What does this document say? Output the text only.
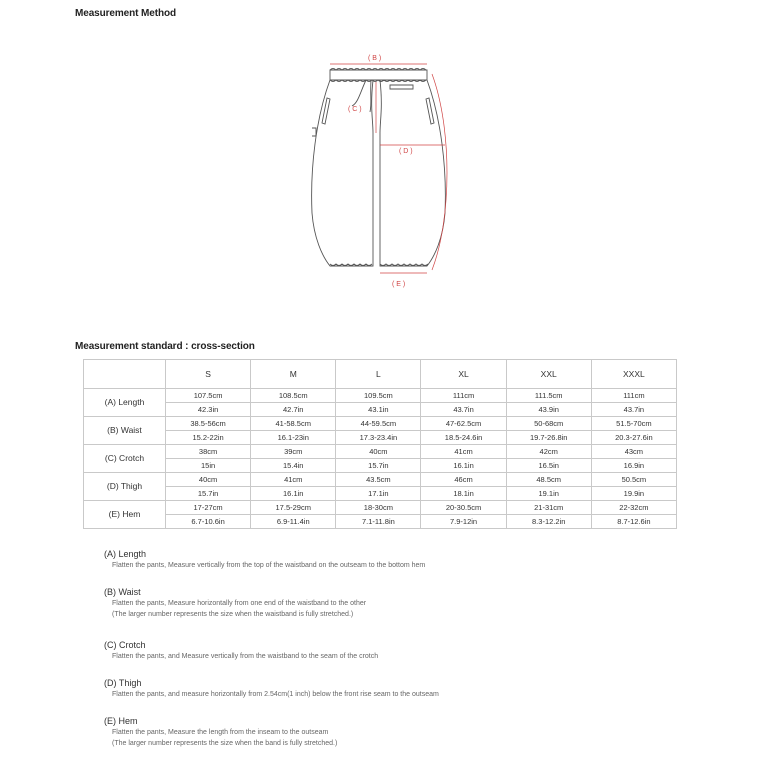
Measurement Method
( B )
( C )
( D )
( E )
Measurement standard : cross-section
	S	M	L	XL	XXL	XXXL
(A) Length	107.5cm	108.5cm	109.5cm	111cm	111.5cm	111cm
	42.3in	42.7in	43.1in	43.7in	43.9in	43.7in
(B) Waist	38.5-56cm	41-58.5cm	44-59.5cm	47-62.5cm	50-68cm	51.5-70cm
	15.2-22in	16.1-23in	17.3-23.4in	18.5-24.6in	19.7-26.8in	20.3-27.6in
(C) Crotch	38cm	39cm	40cm	41cm	42cm	43cm
	15in	15.4in	15.7in	16.1in	16.5in	16.9in
(D) Thigh	40cm	41cm	43.5cm	46cm	48.5cm	50.5cm
	15.7in	16.1in	17.1in	18.1in	19.1in	19.9in
(E) Hem	17-27cm	17.5-29cm	18-30cm	20-30.5cm	21-31cm	22-32cm
	6.7-10.6in	6.9-11.4in	7.1-11.8in	7.9-12in	8.3-12.2in	8.7-12.6in
(A) Length
Flatten the pants, Measure vertically from the top of the waistband on the outseam to the bottom hem
(B) Waist
Flatten the pants, Measure horizontally from one end of the waistband to the other
(The larger number represents the size when the waistband is fully stretched.)
(C) Crotch
Flatten the pants, and Measure vertically from the waistband to the seam of the crotch
(D) Thigh
Flatten the pants, and measure horizontally from 2.54cm(1 inch) below the front rise seam to the outseam
(E) Hem
Flatten the pants, Measure the length from the inseam to the outseam
(The larger number represents the size when the band is fully stretched.)
